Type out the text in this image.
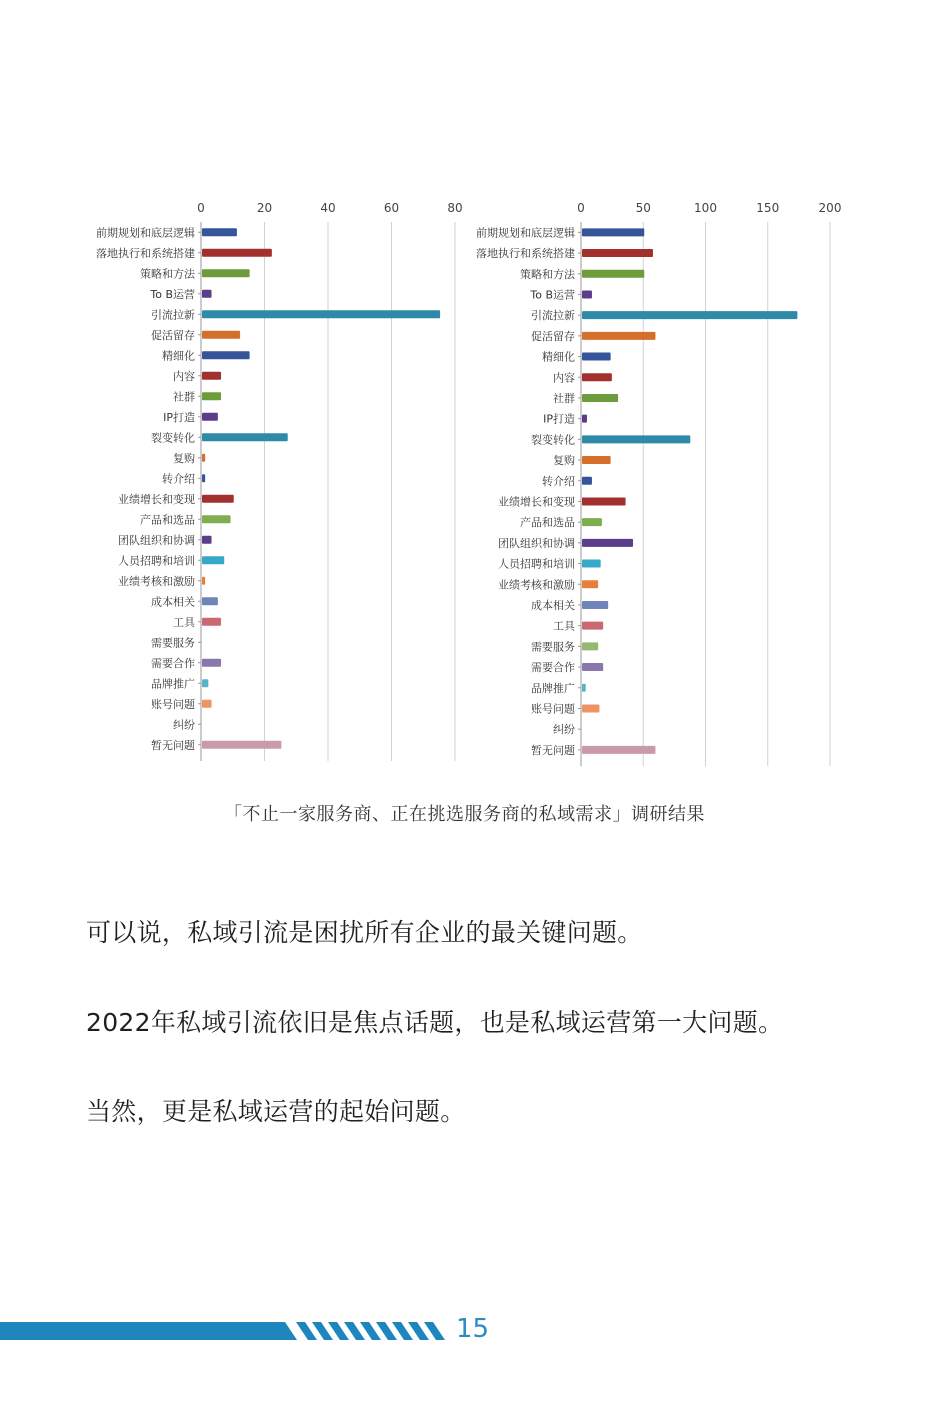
0	20	40	60	80
前期规划和底层逻辑
落地执行和系统搭建
策略和方法
To B运营
引流拉新
促活留存
精细化
内容
社群
IP打造
裂变转化
复购
转介绍
业绩增长和变现
产品和选品
团队组织和协调
人员招聘和培训
业绩考核和激励
成本相关
工具
需要服务
需要合作
品牌推广
账号问题
纠纷
暂无问题
0	50	100	150	200
前期规划和底层逻辑
落地执行和系统搭建
策略和方法
To B运营
引流拉新
促活留存
精细化
内容
社群
IP打造
裂变转化
复购
转介绍
业绩增长和变现
产品和选品
团队组织和协调
人员招聘和培训
业绩考核和激励
成本相关
工具
需要服务
需要合作
品牌推广
账号问题
纠纷
暂无问题
「不止一家服务商、正在挑选服务商的私域需求」调研结果
可以说，私域引流是困扰所有企业的最关键问题。
2022年私域引流依旧是焦点话题，也是私域运营第一大问题。
当然，更是私域运营的起始问题。
15
